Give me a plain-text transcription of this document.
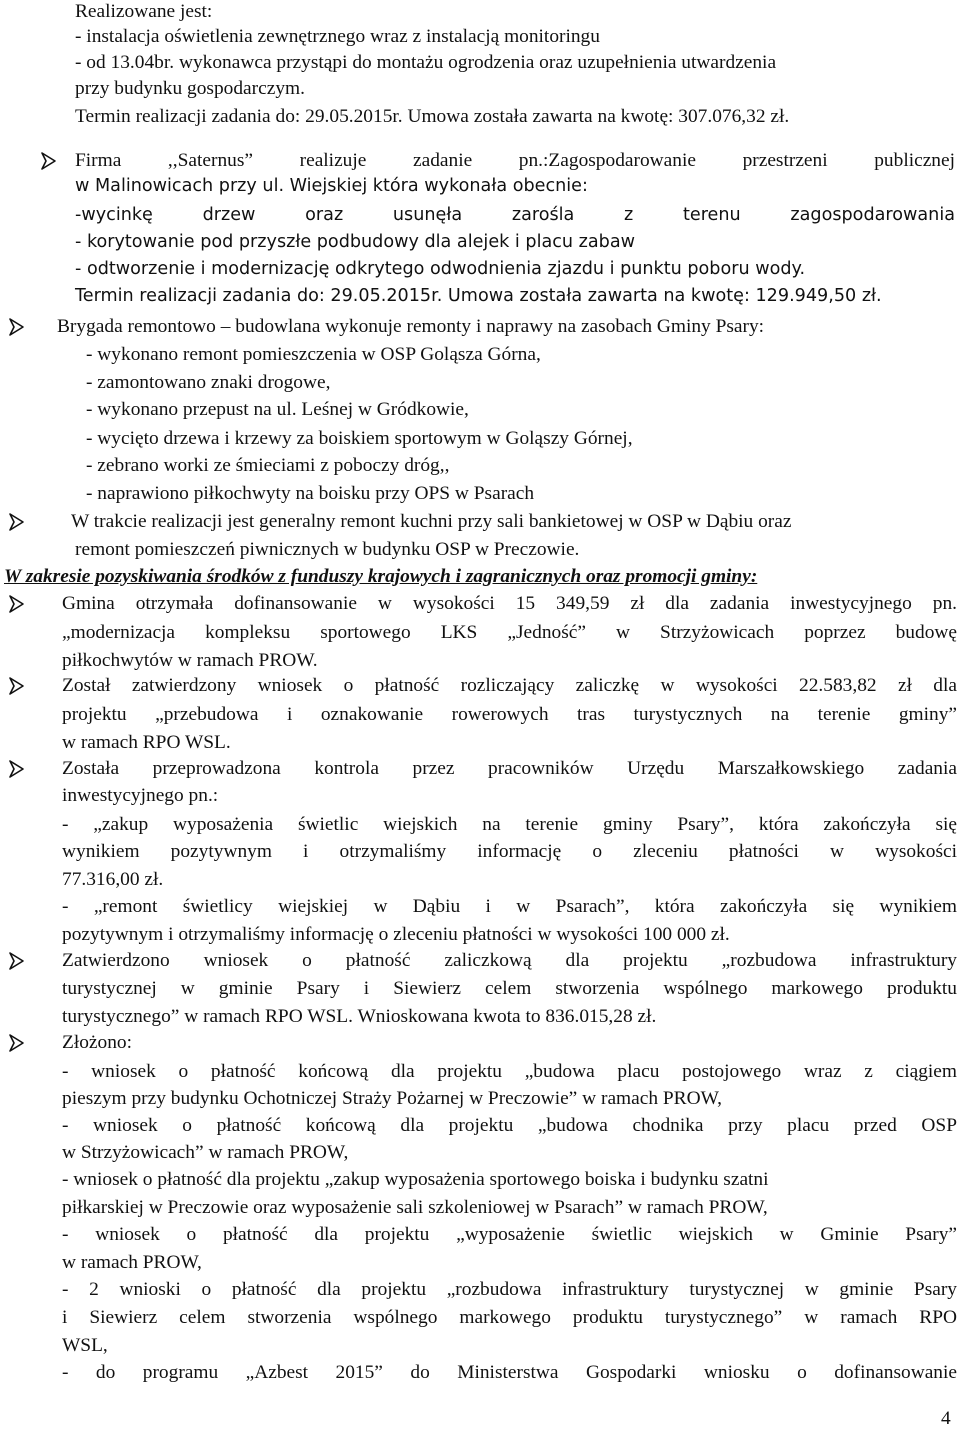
Realizowane jest:
- instalacja oświetlenia zewnętrznego wraz z instalacją monitoringu
- od 13.04br. wykonawca przystąpi do montażu ogrodzenia oraz uzupełnienia utwardzenia
przy budynku gospodarczym.
Termin realizacji zadania do: 29.05.2015r. Umowa została zawarta na kwotę: 307.076,32 zł.
Firma ,,Saternus” realizuje zadanie pn.:Zagospodarowanie przestrzeni publicznej
w Malinowicach przy ul. Wiejskiej która wykonała obecnie:
-wycinkę drzew oraz usunęła zarośla z terenu zagospodarowania
- korytowanie pod przyszłe podbudowy dla alejek i placu zabaw
- odtworzenie i modernizację odkrytego odwodnienia zjazdu i punktu poboru wody.
Termin realizacji zadania do: 29.05.2015r. Umowa została zawarta na kwotę: 129.949,50 zł.
Brygada remontowo – budowlana wykonuje remonty i naprawy na zasobach Gminy Psary:
- wykonano remont pomieszczenia w OSP Goląsza Górna,
- zamontowano znaki drogowe,
- wykonano przepust na ul. Leśnej w Gródkowie,
- wycięto drzewa i krzewy za boiskiem sportowym w Goląszy Górnej,
- zebrano worki ze śmieciami z poboczy dróg,,
- naprawiono piłkochwyty na boisku przy OPS w Psarach
W trakcie realizacji jest generalny remont kuchni przy sali bankietowej w OSP w Dąbiu oraz
remont pomieszczeń piwnicznych w budynku OSP w Preczowie.
W zakresie pozyskiwania środków z funduszy krajowych i zagranicznych oraz promocji gminy:
Gmina otrzymała dofinansowanie w wysokości 15 349,59 zł dla zadania inwestycyjnego pn.
„modernizacja kompleksu sportowego LKS „Jedność” w Strzyżowicach poprzez budowę
piłkochwytów w ramach PROW.
Został zatwierdzony wniosek o płatność rozliczający zaliczkę w wysokości 22.583,82 zł dla
projektu „przebudowa i oznakowanie rowerowych tras turystycznych na terenie gminy”
w ramach RPO WSL.
Została przeprowadzona kontrola przez pracowników Urzędu Marszałkowskiego zadania
inwestycyjnego pn.:
- „zakup wyposażenia świetlic wiejskich na terenie gminy Psary”, która zakończyła się
wynikiem pozytywnym i otrzymaliśmy informację o zleceniu płatności w wysokości
77.316,00 zł.
- „remont świetlicy wiejskiej w Dąbiu i w Psarach”, która zakończyła się wynikiem
pozytywnym i otrzymaliśmy informację o zleceniu płatności w wysokości 100 000 zł.
Zatwierdzono wniosek o płatność zaliczkową dla projektu „rozbudowa infrastruktury
turystycznej w gminie Psary i Siewierz celem stworzenia wspólnego markowego produktu
turystycznego” w ramach RPO WSL. Wnioskowana kwota to 836.015,28 zł.
Złożono:
- wniosek o płatność końcową dla projektu „budowa placu postojowego wraz z ciągiem
pieszym przy budynku Ochotniczej Straży Pożarnej w Preczowie” w ramach PROW,
- wniosek o płatność końcową dla projektu „budowa chodnika przy placu przed OSP
w Strzyżowicach” w ramach PROW,
- wniosek o płatność dla projektu „zakup wyposażenia sportowego boiska i budynku szatni
piłkarskiej w Preczowie oraz wyposażenie sali szkoleniowej w Psarach” w ramach PROW,
- wniosek o płatność dla projektu „wyposażenie świetlic wiejskich w Gminie Psary”
w ramach PROW,
- 2 wnioski o płatność dla projektu „rozbudowa infrastruktury turystycznej w gminie Psary
i Siewierz celem stworzenia wspólnego markowego produktu turystycznego” w ramach RPO
WSL,
- do programu „Azbest 2015” do Ministerstwa Gospodarki wniosku o dofinansowanie
4
